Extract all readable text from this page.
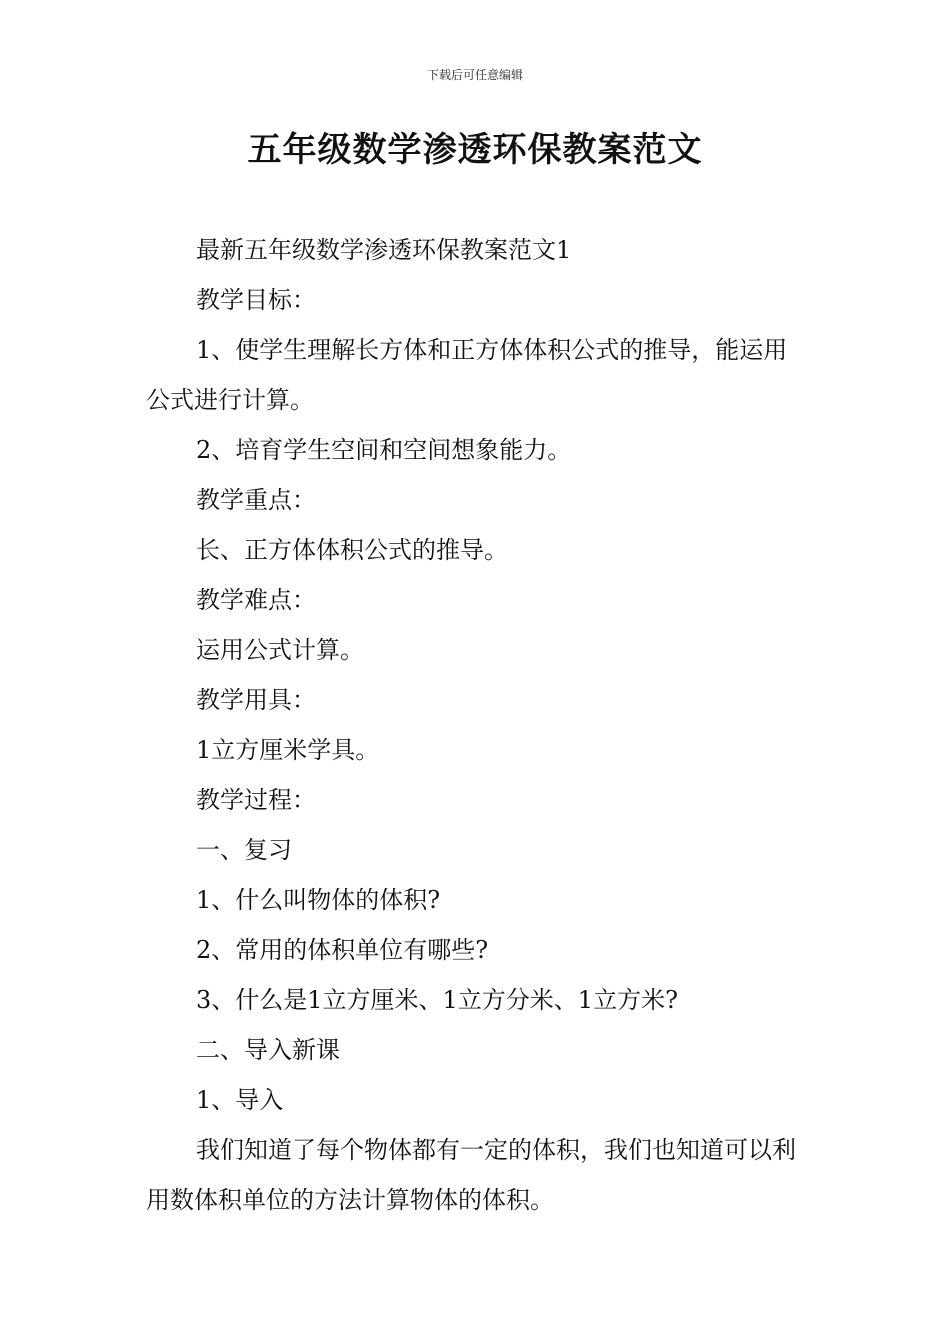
下载后可任意编辑
五年级数学渗透环保教案范文

最新五年级数学渗透环保教案范文1

教学目标：

1、使学生理解长方体和正方体体积公式的推导，能运用公式进行计算。

2、培育学生空间和空间想象能力。

教学重点：

长、正方体体积公式的推导。

教学难点：

运用公式计算。

教学用具：

1立方厘米学具。

教学过程：

一、复习

1、什么叫物体的体积?

2、常用的体积单位有哪些?

3、什么是1立方厘米、1立方分米、1立方米?

二、导入新课

1、导入

我们知道了每个物体都有一定的体积，我们也知道可以利用数体积单位的方法计算物体的体积。
